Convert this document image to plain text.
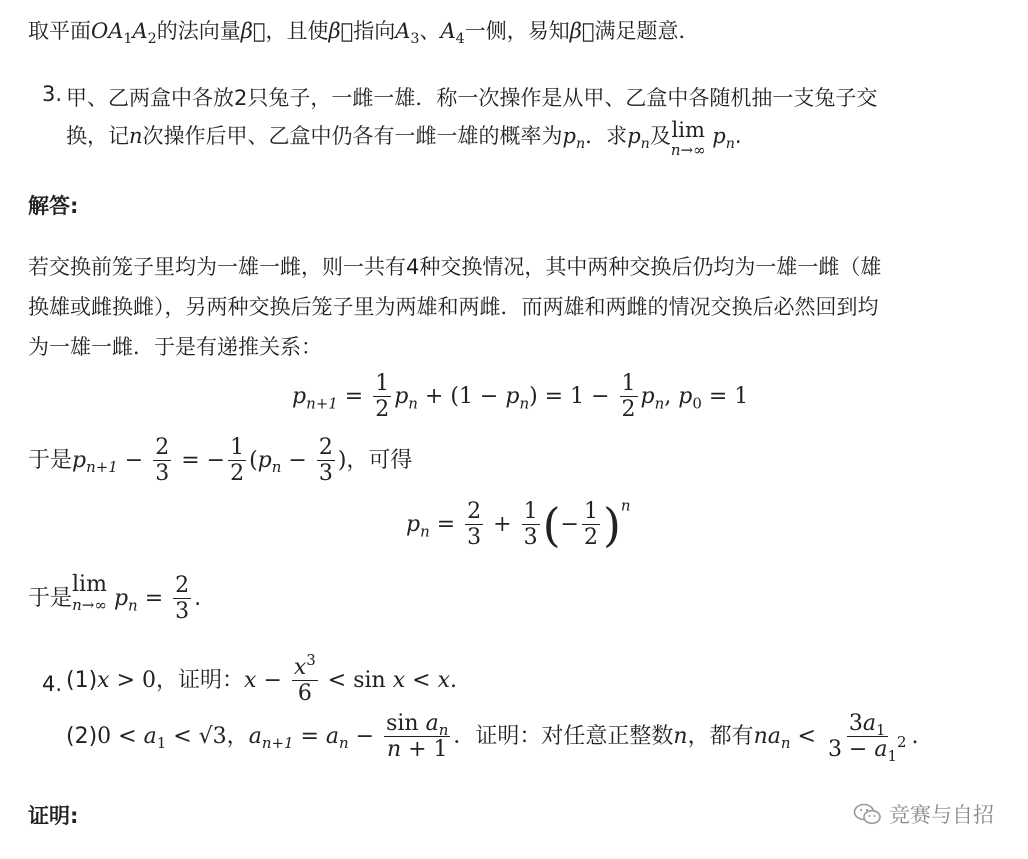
取平面$OA_1A_2$的法向量β⃗，且使β⃗指向$A_3$、$A_4$一侧，易知β⃗满足题意．
3. 甲、乙两盒中各放2只兔子，一雌一雄．称一次操作是从甲、乙盒中各随机抽一支兔子交
换，记n次操作后甲、乙盒中仍各有一雌一雄的概率为$p_n$．求$p_n$及 lim
n→∞
$p_n$.
解答:
若交换前笼子里均为一雄一雌，则一共有4种交换情况，其中两种交换后仍均为一雄一雌（雄
换雄或雌换雌），另两种交换后笼子里为两雄和两雌．而两雄和两雌的情况交换后必然回到均
为一雄一雌．于是有递推关系：
$p_{n+1} = \frac{1}{2} p_n + (1 - p_n) = 1 - \frac{1}{2} p_n$, $p_0 = 1$
于是$p_{n+1} - \frac{2}{3}$ = − $\frac{1}{2} (p_n - \frac{2}{3}$ )，可得
$p_n = \frac{2}{3} + \frac{1}{3}$ (− $\frac{1}{2} )^n$
于是
lim
n→∞ $p_n = \frac{2}{3}$ .
4. (1)x > 0，证明：$x - \frac{x^3}{6} < \sin x < x$.
$(2)0 < a_1 < √3$，$a_{n+1} = a_n - \frac{\sin a_n}{n + 1}$ ．证明：对任意正整数n，都有$na_n < \frac{3a_1}{3 - a_1^2}$ .
证明:	竞赛与自招
